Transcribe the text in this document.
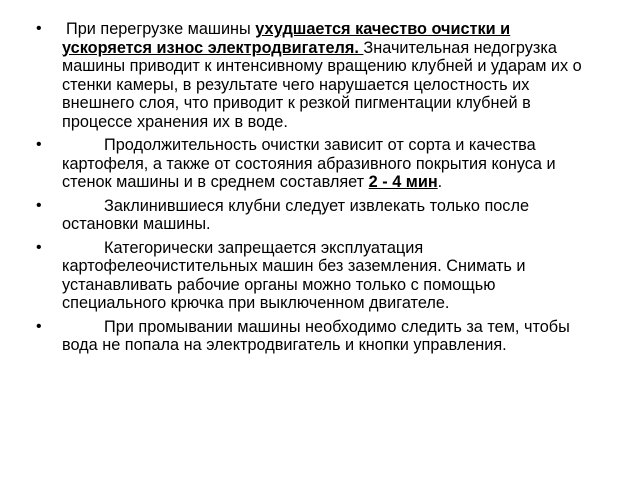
• При перегрузке машины ухудшается качество очистки и ускоряется износ электродвигателя. Значительная недогрузка машины приводит к интенсивному вращению клубней и ударам их о стенки камеры, в результате чего нарушается целостность их внешнего слоя, что приводит к резкой пигментации клубней в процессе хранения их в воде.
•	Продолжительность очистки зависит от сорта и качества картофеля, а также от состояния абразивного покрытия конуса и стенок машины и в среднем составляет 2 - 4 мин.
•	Заклинившиеся клубни следует извлекать только после остановки машины.
•	Категорически запрещается эксплуатация картофелеочистительных машин без заземления. Снимать и устанавливать рабочие органы можно только с помощью специального крючка при выключенном двигателе.
•	При промывании машины необходимо следить за тем, чтобы вода не попала на электродвигатель и кнопки управления.
